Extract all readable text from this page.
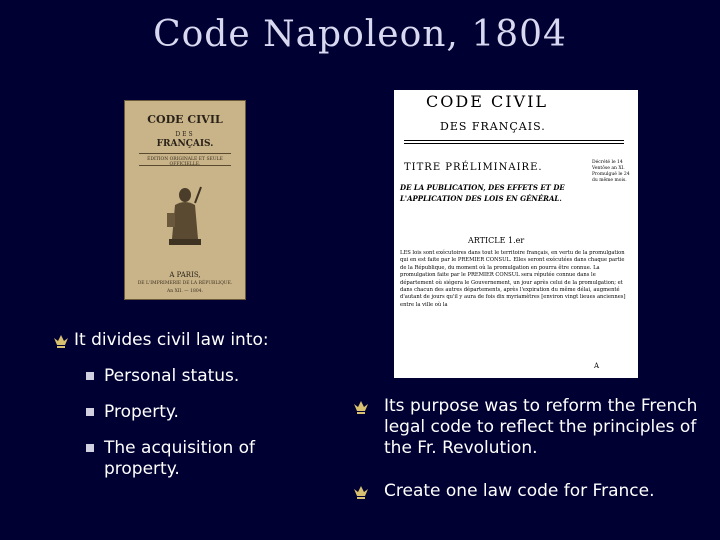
Code Napoleon, 1804
CODE CIVIL
DES
FRANÇAIS.
ÉDITION ORIGINALE ET SEULE
A PARIS,
DE L'IMPRIMERIE DE LA RÉPUBLIQUE.
An XII. — 1804.
CODE CIVIL
DES FRANÇAIS.
TITRE PRÉLIMINAIRE.	Décrété le 14 Ventôse an XI. Promulgué le 24 du même mois.
DE LA PUBLICATION, DES EFFETS ET DE L'APPLICATION DES LOIS EN GÉNÉRAL.
ARTICLE 1.er
LES lois sont exécutoires dans tout le territoire français, en vertu de la promulgation qui en est faite par le PREMIER CONSUL. Elles seront exécutées dans chaque partie de la République, du moment où la promulgation en pourra être connue. La promulgation faite par le PREMIER CONSUL sera réputée connue dans le département où siégera le Gouvernement, un jour après celui de la promulgation; et dans chacun des autres départements, après l'expiration du même délai, augmenté d'autant de jours qu'il y aura de fois dix myriamètres [environ vingt lieues anciennes] entre la ville où la
A
It divides civil law into:
Personal status.
Property.
The acquisition of property.
Its purpose was to reform the French legal code to reflect the principles of the Fr. Revolution.
Create one law code for France.
